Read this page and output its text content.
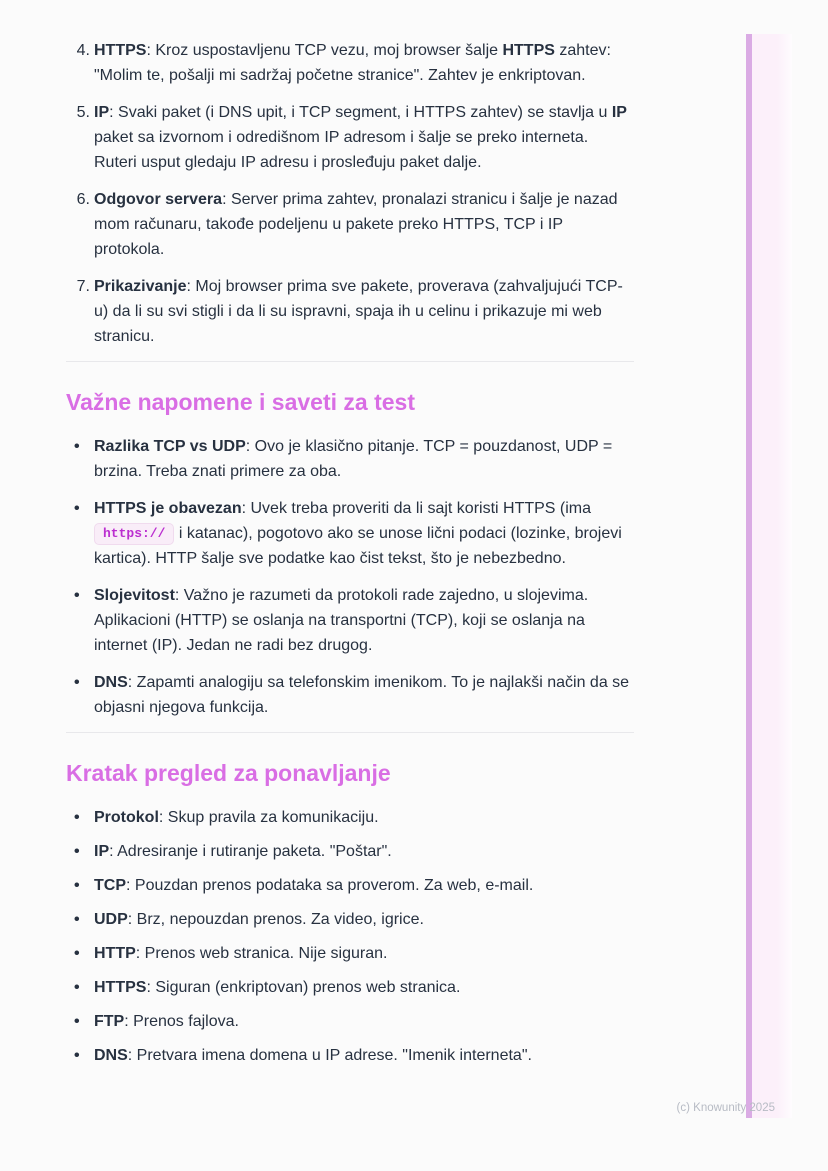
4. HTTPS: Kroz uspostavljenu TCP vezu, moj browser šalje HTTPS zahtev: "Molim te, pošalji mi sadržaj početne stranice". Zahtev je enkriptovan.
5. IP: Svaki paket (i DNS upit, i TCP segment, i HTTPS zahtev) se stavlja u IP paket sa izvornom i odredišnom IP adresom i šalje se preko interneta. Ruteri usput gledaju IP adresu i prosleđuju paket dalje.
6. Odgovor servera: Server prima zahtev, pronalazi stranicu i šalje je nazad mom računaru, takođe podeljenu u pakete preko HTTPS, TCP i IP protokola.
7. Prikazivanje: Moj browser prima sve pakete, proverava (zahvaljujući TCP-u) da li su svi stigli i da li su ispravni, spaja ih u celinu i prikazuje mi web stranicu.
Važne napomene i saveti za test
• Razlika TCP vs UDP: Ovo je klasično pitanje. TCP = pouzdanost, UDP = brzina. Treba znati primere za oba.
• HTTPS je obavezan: Uvek treba proveriti da li sajt koristi HTTPS (ima https:// i katanac), pogotovo ako se unose lični podaci (lozinke, brojevi kartica). HTTP šalje sve podatke kao čist tekst, što je nebezbedno.
• Slojevitost: Važno je razumeti da protokoli rade zajedno, u slojevima. Aplikacioni (HTTP) se oslanja na transportni (TCP), koji se oslanja na internet (IP). Jedan ne radi bez drugog.
• DNS: Zapamti analogiju sa telefonskim imenikom. To je najlakši način da se objasni njegova funkcija.
Kratak pregled za ponavljanje
• Protokol: Skup pravila za komunikaciju.
• IP: Adresiranje i rutiranje paketa. "Poštar".
• TCP: Pouzdan prenos podataka sa proverom. Za web, e-mail.
• UDP: Brz, nepouzdan prenos. Za video, igrice.
• HTTP: Prenos web stranica. Nije siguran.
• HTTPS: Siguran (enkriptovan) prenos web stranica.
• FTP: Prenos fajlova.
• DNS: Pretvara imena domena u IP adrese. "Imenik interneta".
(c) Knowunity 2025
